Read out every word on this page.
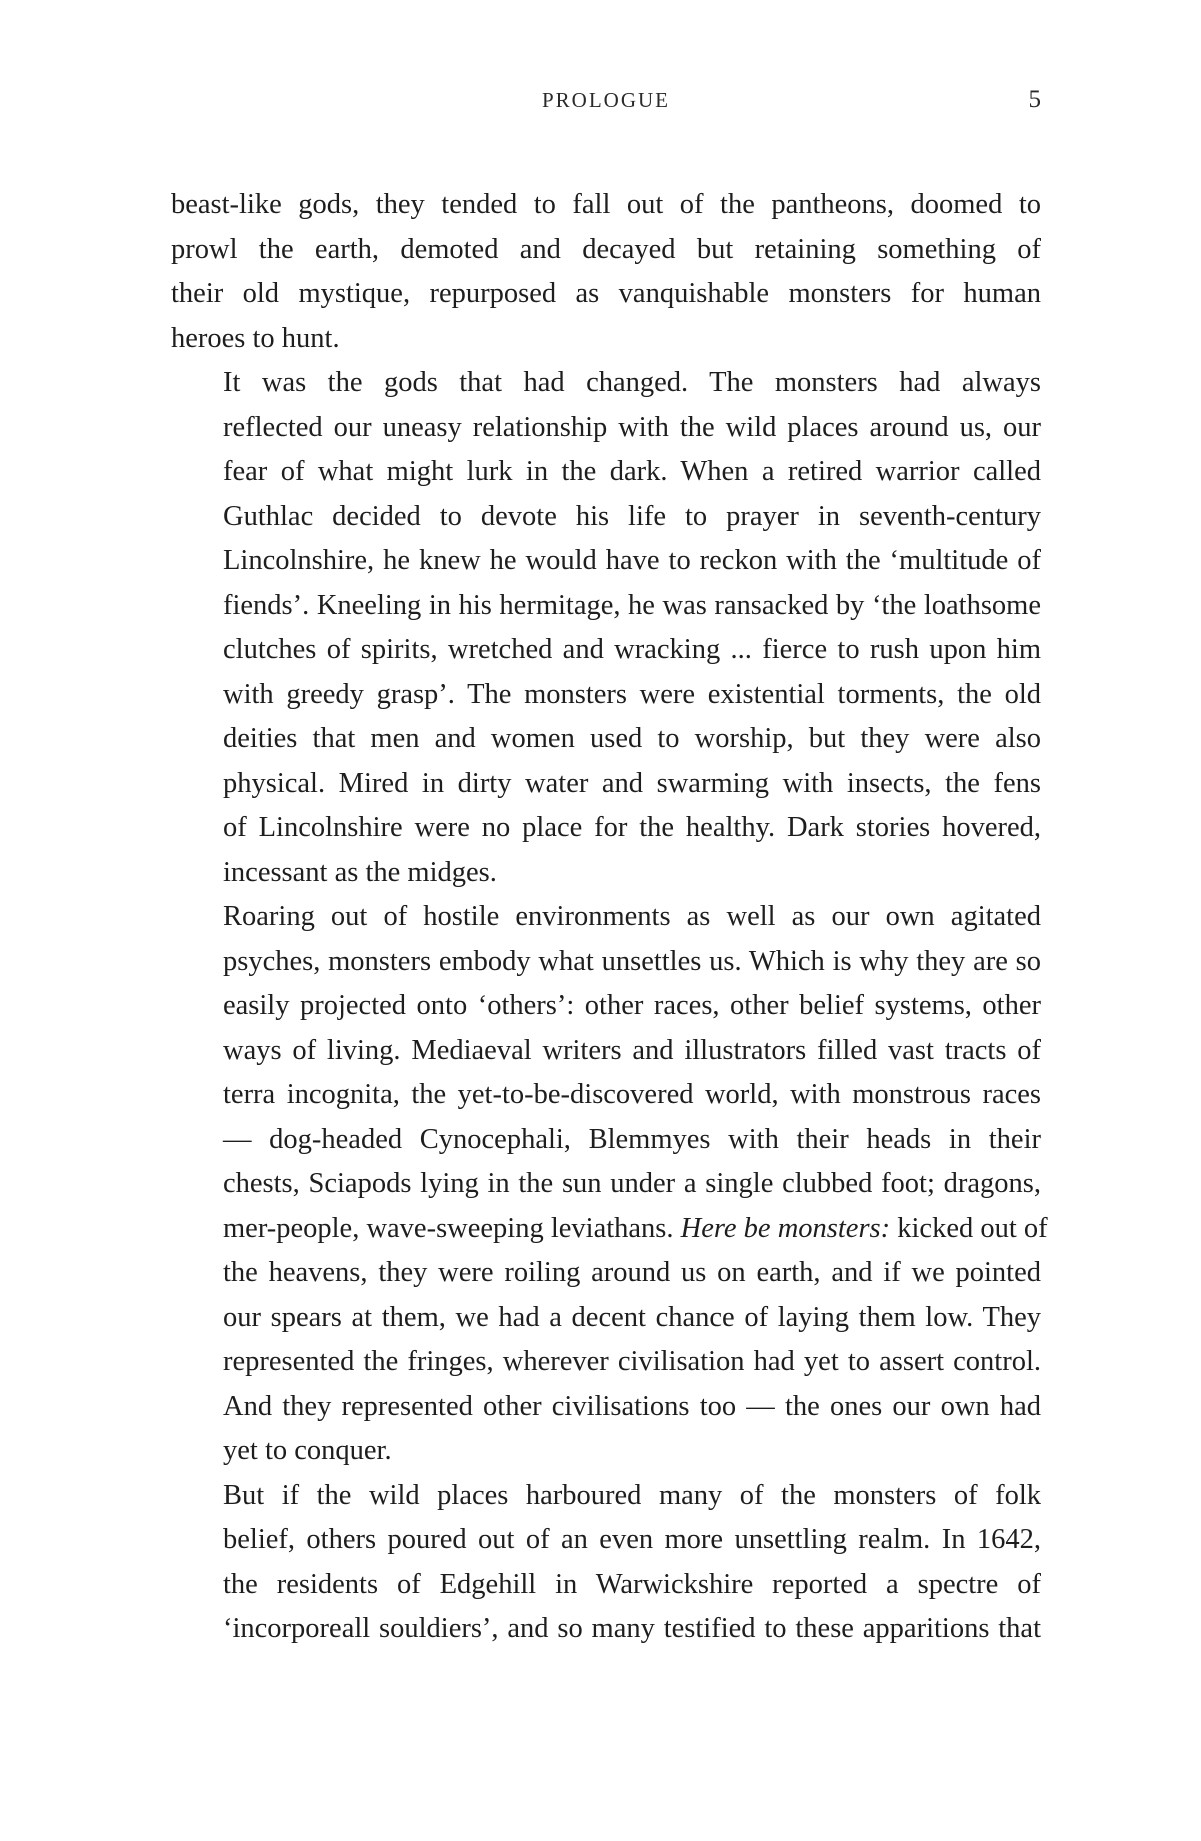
PROLOGUE	5

beast-like gods, they tended to fall out of the pantheons, doomed to
prowl the earth, demoted and decayed but retaining something of
their old mystique, repurposed as vanquishable monsters for human
heroes to hunt.

It was the gods that had changed. The monsters had always
reflected our uneasy relationship with the wild places around us, our
fear of what might lurk in the dark. When a retired warrior called
Guthlac decided to devote his life to prayer in seventh-century
Lincolnshire, he knew he would have to reckon with the ‘multitude of
fiends’. Kneeling in his hermitage, he was ransacked by ‘the loathsome
clutches of spirits, wretched and wracking ... fierce to rush upon him
with greedy grasp’. The monsters were existential torments, the old
deities that men and women used to worship, but they were also
physical. Mired in dirty water and swarming with insects, the fens
of Lincolnshire were no place for the healthy. Dark stories hovered,
incessant as the midges.

Roaring out of hostile environments as well as our own agitated
psyches, monsters embody what unsettles us. Which is why they are so
easily projected onto ‘others’: other races, other belief systems, other
ways of living. Mediaeval writers and illustrators filled vast tracts of
terra incognita, the yet-to-be-discovered world, with monstrous races
— dog-headed Cynocephali, Blemmyes with their heads in their
chests, Sciapods lying in the sun under a single clubbed foot; dragons,
mer-people, wave-sweeping leviathans. Here be monsters: kicked out of
the heavens, they were roiling around us on earth, and if we pointed
our spears at them, we had a decent chance of laying them low. They
represented the fringes, wherever civilisation had yet to assert control.
And they represented other civilisations too — the ones our own had
yet to conquer.

But if the wild places harboured many of the monsters of folk
belief, others poured out of an even more unsettling realm. In 1642,
the residents of Edgehill in Warwickshire reported a spectre of
‘incorporeall souldiers’, and so many testified to these apparitions that
